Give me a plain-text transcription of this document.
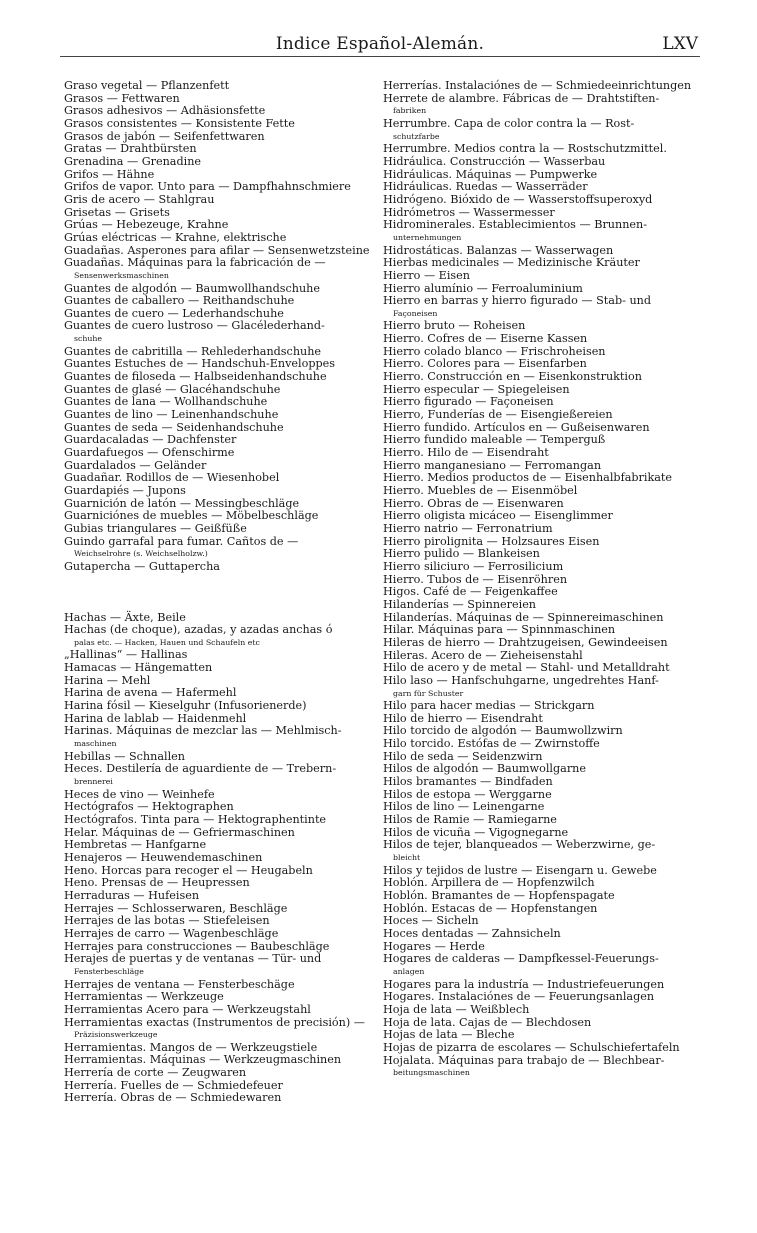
Indice Español-Alemán.	LXV
Graso vegetal — Pflanzenfett
Grasos — Fettwaren
Grasos adhesivos — Adhäsionsfette
Grasos consistentes — Konsistente Fette
Grasos de jabón — Seifenfettwaren
Gratas — Drahtbürsten
Grenadina — Grenadine
Grifos — Hähne
Grifos de vapor. Unto para — Dampfhahnschmiere
Gris de acero — Stahlgrau
Grisetas — Grisets
Grúas — Hebezeuge, Krahne
Grúas eléctricas — Krahne, elektrische
Guadañas. Asperones para afilar — Sensenwetzsteine
Guadañas. Máquinas para la fabricación de —
Sensenwerksmaschinen
Guantes de algodón — Baumwollhandschuhe
Guantes de caballero — Reithandschuhe
Guantes de cuero — Lederhandschuhe
Guantes de cuero lustroso — Glacélederhand-
schuhe
Guantes de cabritilla — Rehlederhandschuhe
Guantes Estuches de — Handschuh-Enveloppes
Guantes de filoseda — Halbseidenhandschuhe
Guantes de glasé — Glacéhandschuhe
Guantes de lana — Wollhandschuhe
Guantes de lino — Leinenhandschuhe
Guantes de seda — Seidenhandschuhe
Guardacaladas — Dachfenster
Guardafuegos — Ofenschirme
Guardalados — Geländer
Guadañar. Rodillos de — Wiesenhobel
Guardapiés — Jupons
Guarnición de latón — Messingbeschläge
Guarniciónes de muebles — Möbelbeschläge
Gubias triangulares — Geißfüße
Guindo garrafal para fumar. Cañtos de —
Weichselrohre (s. Weichselholzw.)
Gutapercha — Guttapercha
Hachas — Äxte, Beile
Hachas (de choque), azadas, y azadas anchas ó
palas etc. — Hacken, Hauen und Schaufeln etc
„Hallinas“ — Hallinas
Hamacas — Hängematten
Harina — Mehl
Harina de avena — Hafermehl
Harina fósil — Kieselguhr (Infusorienerde)
Harina de lablab — Haidenmehl
Harinas. Máquinas de mezclar las — Mehlmisch-
maschinen
Hebillas — Schnallen
Heces. Destilería de aguardiente de — Trebern-
brennerei
Heces de vino — Weinhefe
Hectógrafos — Hektographen
Hectógrafos. Tinta para — Hektographentinte
Helar. Máquinas de — Gefriermaschinen
Hembretas — Hanfgarne
Henajeros — Heuwendemaschinen
Heno. Horcas para recoger el — Heugabeln
Heno. Prensas de — Heupressen
Herraduras — Hufeisen
Herrajes — Schlosserwaren, Beschläge
Herrajes de las botas — Stiefeleisen
Herrajes de carro — Wagenbeschläge
Herrajes para construcciones — Baubeschläge
Herajes de puertas y de ventanas — Tür- und
Fensterbeschläge
Herrajes de ventana — Fensterbeschäge
Herramientas — Werkzeuge
Herramientas Acero para — Werkzeugstahl
Herramientas exactas (Instrumentos de precisión) —
Präzisionswerkzeuge
Herramientas. Mangos de — Werkzeugstiele
Herramientas. Máquinas — Werkzeugmaschinen
Herrería de corte — Zeugwaren
Herrería. Fuelles de — Schmiedefeuer
Herrería. Obras de — Schmiedewaren
Herrerías. Instalaciónes de — Schmiedeeinrichtungen
Herrete de alambre. Fábricas de — Drahtstiften-
fabriken
Herrumbre. Capa de color contra la — Rost-
schutzfarbe
Herrumbre. Medios contra la — Rostschutzmittel.
Hidráulica. Construcción — Wasserbau
Hidráulicas. Máquinas — Pumpwerke
Hidráulicas. Ruedas — Wasserräder
Hidrógeno. Bióxido de — Wasserstoffsuperoxyd
Hidrómetros — Wassermesser
Hidrominerales. Establecimientos — Brunnen-
unternehmungen
Hidrostáticas. Balanzas — Wasserwagen
Hierbas medicinales — Medizinische Kräuter
Hierro — Eisen
Hierro alumínio — Ferroaluminium
Hierro en barras y hierro figurado — Stab- und
Façoneisen
Hierro bruto — Roheisen
Hierro. Cofres de — Eiserne Kassen
Hierro colado blanco — Frischroheisen
Hierro. Colores para — Eisenfarben
Hierro. Construcción en — Eisenkonstruktion
Hierro especular — Spiegeleisen
Hierro figurado — Façoneisen
Hierro, Funderías de — Eisengießereien
Hierro fundido. Artículos en — Gußeisenwaren
Hierro fundido maleable — Temperguß
Hierro. Hilo de — Eisendraht
Hierro manganesiano — Ferromangan
Hierro. Medios productos de — Eisenhalbfabrikate
Hierro. Muebles de — Eisenmöbel
Hierro. Obras de — Eisenwaren
Hierro oligista micáceo — Eisenglimmer
Hierro natrio — Ferronatrium
Hierro pirolignita — Holzsaures Eisen
Hierro pulido — Blankeisen
Hierro siliciuro — Ferrosilicium
Hierro. Tubos de — Eisenröhren
Higos. Café de — Feigenkaffee
Hilanderías — Spinnereien
Hilanderías. Máquinas de — Spinnereimaschinen
Hilar. Máquinas para — Spinnmaschinen
Hileras de hierro — Drahtzugeisen, Gewindeeisen
Hileras. Acero de — Zieheisenstahl
Hilo de acero y de metal — Stahl- und Metalldraht
Hilo laso — Hanfschuhgarne, ungedrehtes Hanf-
garn für Schuster
Hilo para hacer medias — Strickgarn
Hilo de hierro — Eisendraht
Hilo torcido de algodón — Baumwollzwirn
Hilo torcido. Estófas de — Zwirnstoffe
Hilo de seda — Seidenzwirn
Hilos de algodón — Baumwollgarne
Hilos bramantes — Bindfaden
Hilos de estopa — Werggarne
Hilos de lino — Leinengarne
Hilos de Ramie — Ramiegarne
Hilos de vicuña — Vigognegarne
Hilos de tejer, blanqueados — Weberzwirne, ge-
bleicht
Hilos y tejidos de lustre — Eisengarn u. Gewebe
Hoblón. Arpillera de — Hopfenzwilch
Hoblón. Bramantes de — Hopfenspagate
Hoblón. Estacas de — Hopfenstangen
Hoces — Sicheln
Hoces dentadas — Zahnsicheln
Hogares — Herde
Hogares de calderas — Dampfkessel-Feuerungs-
anlagen
Hogares para la industría — Industriefeuerungen
Hogares. Instalaciónes de — Feuerungsanlagen
Hoja de lata — Weißblech
Hoja de lata. Cajas de — Blechdosen
Hojas de lata — Bleche
Hojas de pizarra de escolares — Schulschiefertafeln
Hojalata. Máquinas para trabajo de — Blechbear-
beitungsmaschinen
